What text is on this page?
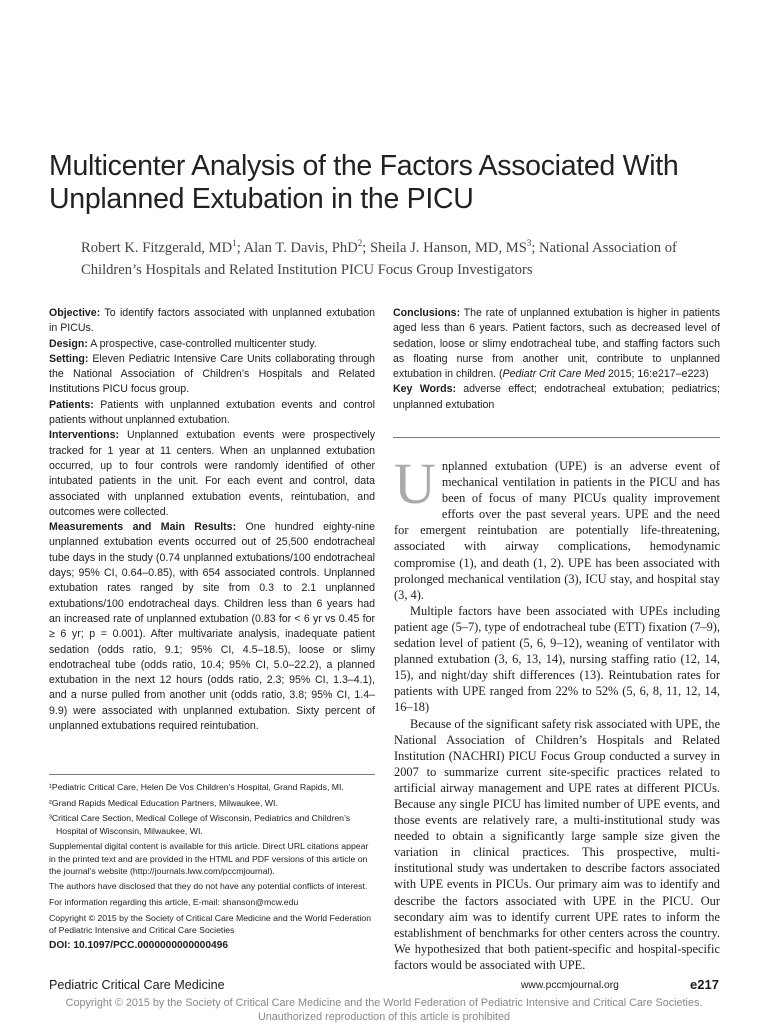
Multicenter Analysis of the Factors Associated With
Unplanned Extubation in the PICU

Robert K. Fitzgerald, $MD^1$; Alan T. Davis, PhD$^2$; Sheila J. Hanson, MD, $MS^3$; National Association of Children’s Hospitals and Related Institution PICU Focus Group Investigators

Objective: To identify factors associated with unplanned extubation in PICUs.

Design: A prospective, case-controlled multicenter study.

Setting: Eleven Pediatric Intensive Care Units collaborating through the National Association of Children’s Hospitals and Related Institutions PICU focus group.

Patients: Patients with unplanned extubation events and control patients without unplanned extubation.

Interventions: Unplanned extubation events were prospectively tracked for 1 year at 11 centers. When an unplanned extubation occurred, up to four controls were randomly identified of other intubated patients in the unit. For each event and control, data associated with unplanned extubation events, reintubation, and outcomes were collected.

Measurements and Main Results: One hundred eighty-nine unplanned extubation events occurred out of 25,500 endotracheal tube days in the study (0.74 unplanned extubations/100 endotracheal days; 95% CI, 0.64–0.85), with 654 associated controls. Unplanned extubation rates ranged by site from 0.3 to 2.1 unplanned extubations/100 endotracheal days. Children less than 6 years had an increased rate of unplanned extubation (0.83 for < 6 yr vs 0.45 for ≥ 6 yr; p = 0.001). After multivariate analysis, inadequate patient sedation (odds ratio, 9.1; 95% CI, 4.5–18.5), loose or slimy endotracheal tube (odds ratio, 10.4; 95% CI, 5.0–22.2), a planned extubation in the next 12 hours (odds ratio, 2.3; 95% CI, 1.3–4.1), and a nurse pulled from another unit (odds ratio, 3.8; 95% CI, 1.4–9.9) were associated with unplanned extubation. Sixty percent of unplanned extubations required reintubation.

Conclusions: The rate of unplanned extubation is higher in patients aged less than 6 years. Patient factors, such as decreased level of sedation, loose or slimy endotracheal tube, and staffing factors such as floating nurse from another unit, contribute to unplanned extubation in children. (Pediatr Crit Care Med 2015; 16:e217–e223)

Key Words: adverse effect; endotracheal extubation; pediatrics; unplanned extubation

Unplanned extubation (UPE) is an adverse event of mechanical ventilation in patients in the PICU and has been of focus of many PICUs quality improvement efforts over the past several years. UPE and the need for emergent reintubation are potentially life-threatening, associated with airway complications, hemodynamic compromise (1), and death (1, 2). UPE has been associated with prolonged mechanical ventilation (3), ICU stay, and hospital stay (3, 4).

Multiple factors have been associated with UPEs including patient age (5–7), type of endotracheal tube (ETT) fixation (7–9), sedation level of patient (5, 6, 9–12), weaning of ventilator with planned extubation (3, 6, 13, 14), nursing staffing ratio (12, 14, 15), and night/day shift differences (13). Reintubation rates for patients with UPE ranged from 22% to 52% (5, 6, 8, 11, 12, 14, 16–18)

Because of the significant safety risk associated with UPE, the National Association of Children’s Hospitals and Related Institution (NACHRI) PICU Focus Group conducted a survey in 2007 to summarize current site-specific practices related to artificial airway management and UPE rates at different PICUs. Because any single PICU has limited number of UPE events, and those events are relatively rare, a multi-institutional study was needed to obtain a significantly large sample size given the variation in clinical practices. This prospective, multi-institutional study was undertaken to describe factors associated with UPE events in PICUs. Our primary aim was to identify and describe the factors associated with UPE in the PICU. Our secondary aim was to identify current UPE rates to inform the establishment of benchmarks for other centers across the country. We hypothesized that both patient-specific and hospital-specific factors would be associated with UPE.

¹Pediatric Critical Care, Helen De Vos Children’s Hospital, Grand Rapids, MI.

²Grand Rapids Medical Education Partners, Milwaukee, WI.

³Critical Care Section, Medical College of Wisconsin, Pediatrics and Children’s Hospital of Wisconsin, Milwaukee, WI.

Supplemental digital content is available for this article. Direct URL citations appear in the printed text and are provided in the HTML and PDF versions of this article on the journal’s website (http://journals.lww.com/pccmjournal).

The authors have disclosed that they do not have any potential conflicts of interest.

For information regarding this article, E-mail: shanson@mcw.edu

Copyright © 2015 by the Society of Critical Care Medicine and the World Federation of Pediatric Intensive and Critical Care Societies

DOI: 10.1097/PCC.0000000000000496

Pediatric Critical Care Medicine	www.pccmjournal.org	e217
Copyright © 2015 by the Society of Critical Care Medicine and the World Federation of Pediatric Intensive and Critical Care Societies.
Unauthorized reproduction of this article is prohibited
